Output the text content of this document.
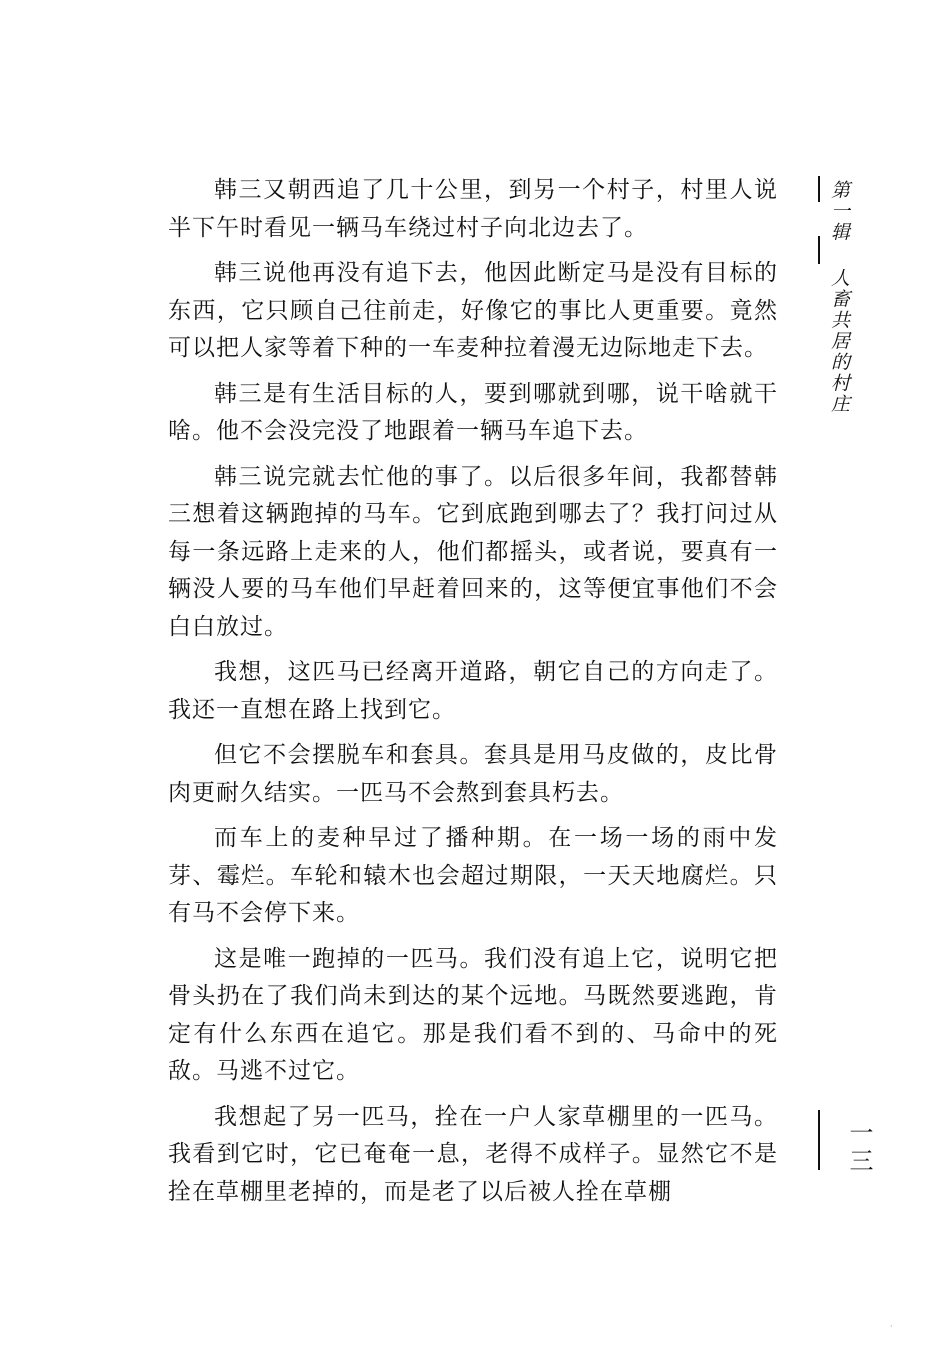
韩三又朝西追了几十公里，到另一个村子，村里人说半下午时看见一辆马车绕过村子向北边去了。

韩三说他再没有追下去，他因此断定马是没有目标的东西，它只顾自己往前走，好像它的事比人更重要。竟然可以把人家等着下种的一车麦种拉着漫无边际地走下去。

韩三是有生活目标的人，要到哪就到哪，说干啥就干啥。他不会没完没了地跟着一辆马车追下去。

韩三说完就去忙他的事了。以后很多年间，我都替韩三想着这辆跑掉的马车。它到底跑到哪去了？我打问过从每一条远路上走来的人，他们都摇头，或者说，要真有一辆没人要的马车他们早赶着回来的，这等便宜事他们不会白白放过。

我想，这匹马已经离开道路，朝它自己的方向走了。我还一直想在路上找到它。

但它不会摆脱车和套具。套具是用马皮做的，皮比骨肉更耐久结实。一匹马不会熬到套具朽去。

而车上的麦种早过了播种期。在一场一场的雨中发芽、霉烂。车轮和辕木也会超过期限，一天天地腐烂。只有马不会停下来。

这是唯一跑掉的一匹马。我们没有追上它，说明它把骨头扔在了我们尚未到达的某个远地。马既然要逃跑，肯定有什么东西在追它。那是我们看不到的、马命中的死敌。马逃不过它。

我想起了另一匹马，拴在一户人家草棚里的一匹马。我看到它时，它已奄奄一息，老得不成样子。显然它不是拴在草棚里老掉的，而是老了以后被人拴在草棚

第一辑
人畜共居的村庄
一三
·
